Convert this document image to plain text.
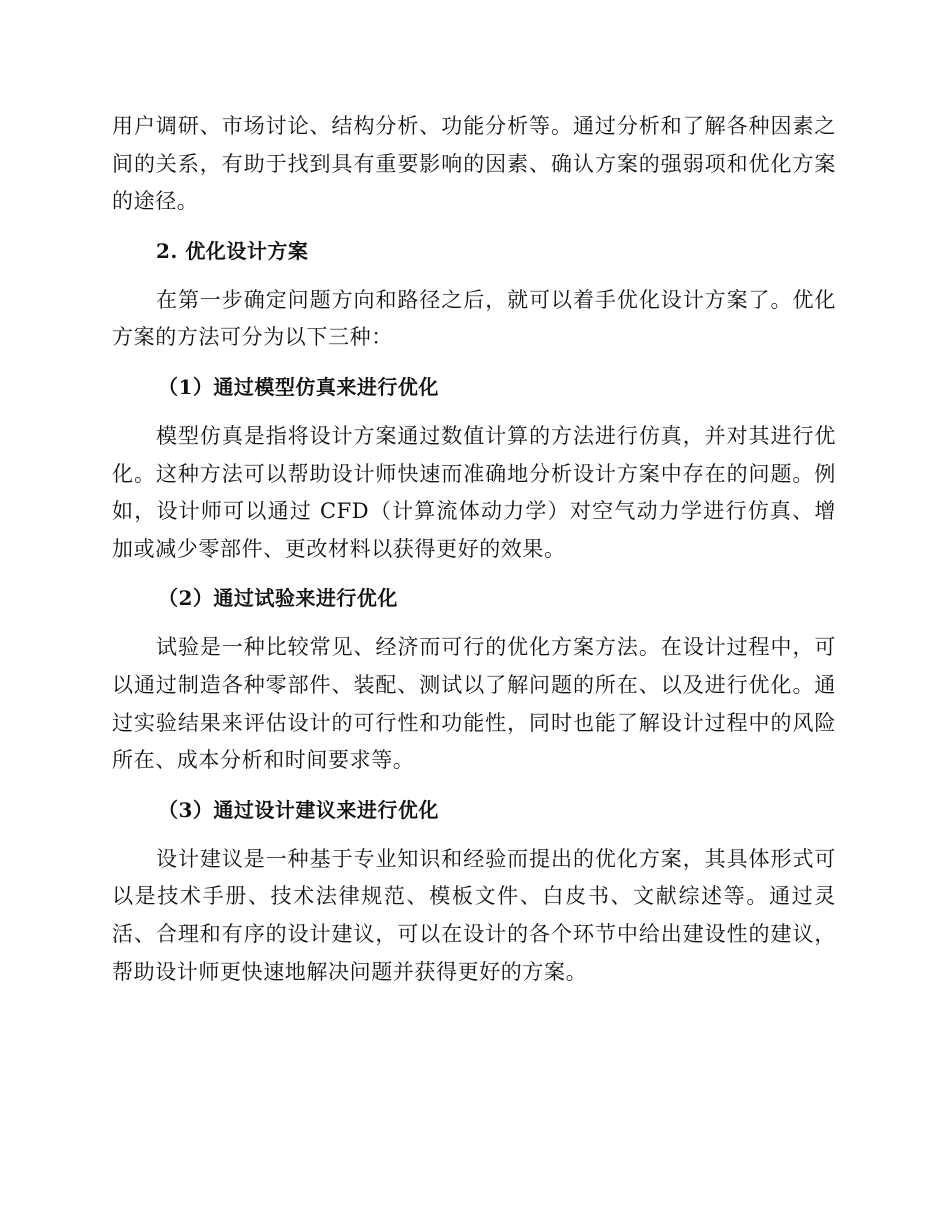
用户调研、市场讨论、结构分析、功能分析等。通过分析和了解各种因素之间的关系，有助于找到具有重要影响的因素、确认方案的强弱项和优化方案的途径。

2. 优化设计方案

在第一步确定问题方向和路径之后，就可以着手优化设计方案了。优化方案的方法可分为以下三种：

（1）通过模型仿真来进行优化

模型仿真是指将设计方案通过数值计算的方法进行仿真，并对其进行优化。这种方法可以帮助设计师快速而准确地分析设计方案中存在的问题。例如，设计师可以通过 CFD（计算流体动力学）对空气动力学进行仿真、增加或减少零部件、更改材料以获得更好的效果。

（2）通过试验来进行优化

试验是一种比较常见、经济而可行的优化方案方法。在设计过程中，可以通过制造各种零部件、装配、测试以了解问题的所在、以及进行优化。通过实验结果来评估设计的可行性和功能性，同时也能了解设计过程中的风险所在、成本分析和时间要求等。

（3）通过设计建议来进行优化

设计建议是一种基于专业知识和经验而提出的优化方案，其具体形式可以是技术手册、技术法律规范、模板文件、白皮书、文献综述等。通过灵活、合理和有序的设计建议，可以在设计的各个环节中给出建设性的建议，帮助设计师更快速地解决问题并获得更好的方案。
